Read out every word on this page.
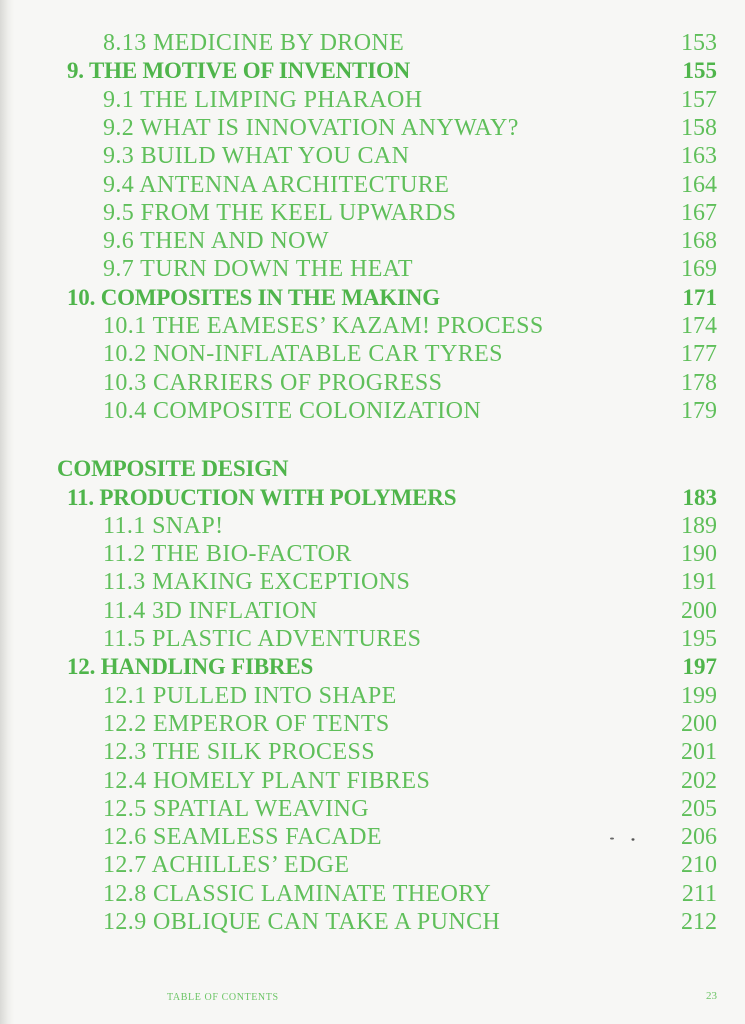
8.13 MEDICINE BY DRONE	153
9. THE MOTIVE OF INVENTION	155
9.1 THE LIMPING PHARAOH	157
9.2 WHAT IS INNOVATION ANYWAY?	158
9.3 BUILD WHAT YOU CAN	163
9.4 ANTENNA ARCHITECTURE	164
9.5 FROM THE KEEL UPWARDS	167
9.6 THEN AND NOW	168
9.7 TURN DOWN THE HEAT	169
10. COMPOSITES IN THE MAKING	171
10.1 THE EAMESES’ KAZAM! PROCESS	174
10.2 NON-INFLATABLE CAR TYRES	177
10.3 CARRIERS OF PROGRESS	178
10.4 COMPOSITE COLONIZATION	179
COMPOSITE DESIGN
11. PRODUCTION WITH POLYMERS	183
11.1 SNAP!	189
11.2 THE BIO-FACTOR	190
11.3 MAKING EXCEPTIONS	191
11.4 3D INFLATION	200
11.5 PLASTIC ADVENTURES	195
12. HANDLING FIBRES	197
12.1 PULLED INTO SHAPE	199
12.2 EMPEROR OF TENTS	200
12.3 THE SILK PROCESS	201
12.4 HOMELY PLANT FIBRES	202
12.5 SPATIAL WEAVING	205
12.6 SEAMLESS FACADE	206
12.7 ACHILLES’ EDGE	210
12.8 CLASSIC LAMINATE THEORY	211
12.9 OBLIQUE CAN TAKE A PUNCH	212
TABLE OF CONTENTS	23
